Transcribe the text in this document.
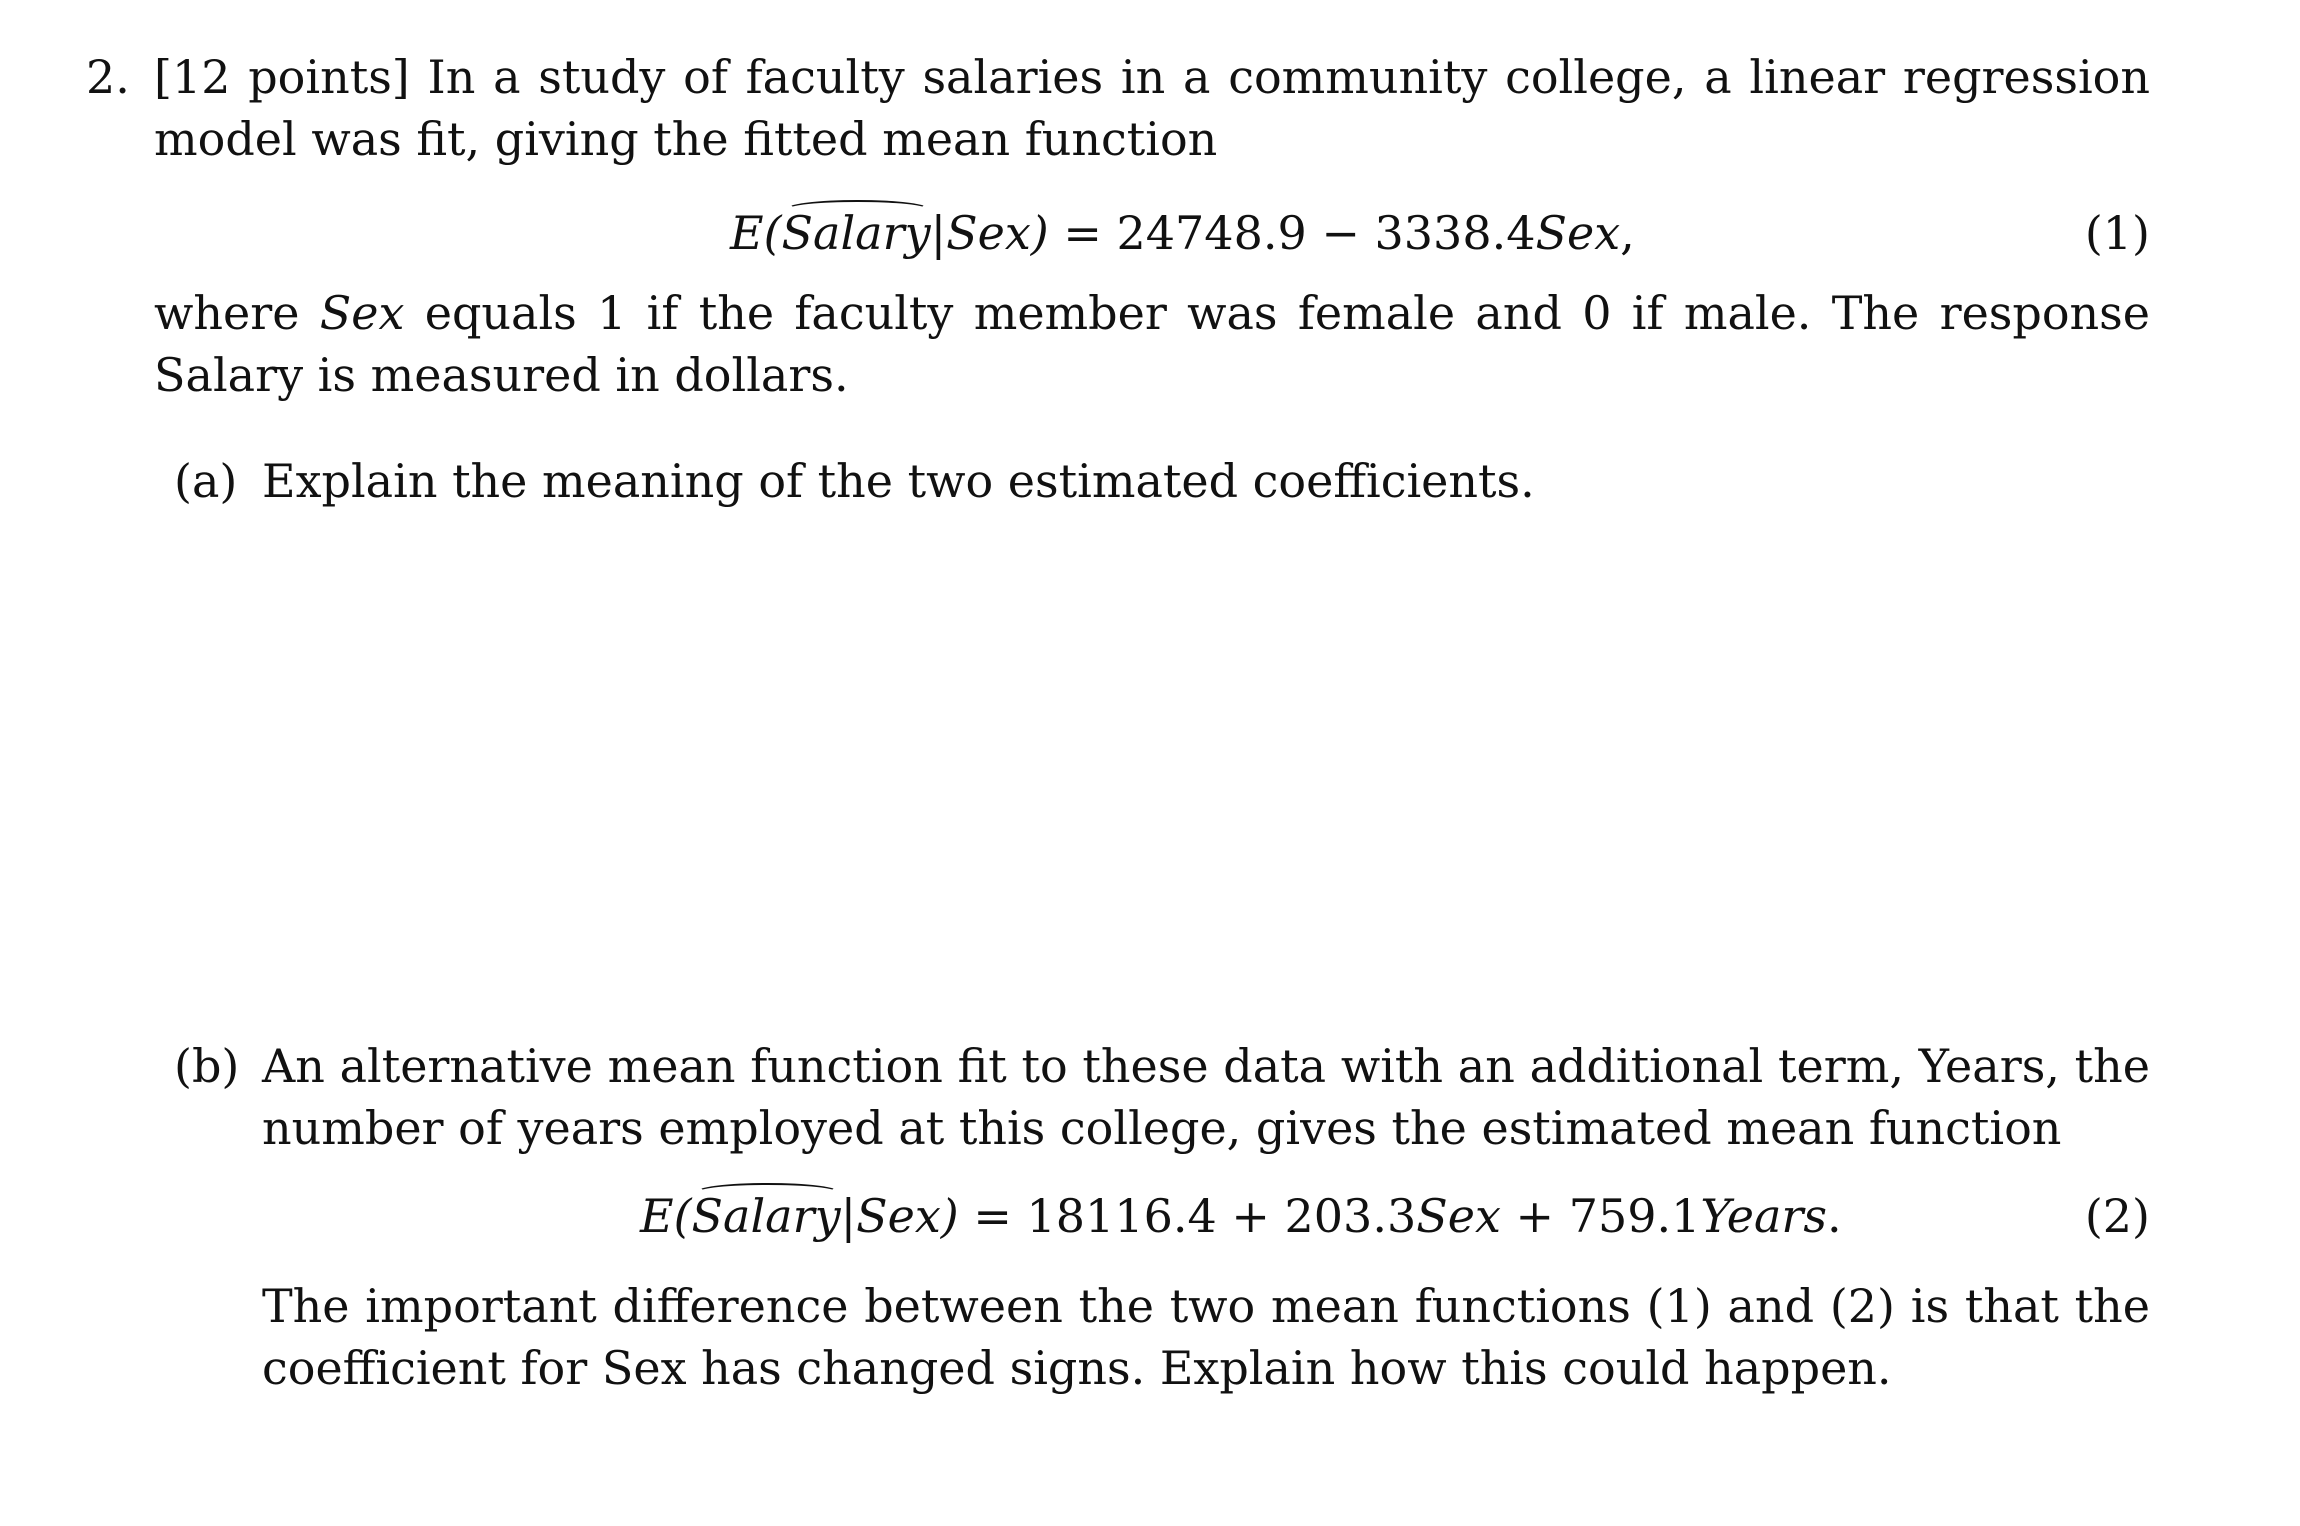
2. [12 points] In a study of faculty salaries in a community college, a linear regression model was fit, giving the fitted mean function
E(Salary|Sex) = 24748.9 − 3338.4Sex,	(1)
where Sex equals 1 if the faculty member was female and 0 if male. The response Salary is measured in dollars.
(a) Explain the meaning of the two estimated coefficients.
(b) An alternative mean function fit to these data with an additional term, Years, the number of years employed at this college, gives the estimated mean function
E(Salary|Sex) = 18116.4 + 203.3Sex + 759.1Years.	(2)
The important difference between the two mean functions (1) and (2) is that the coefficient for Sex has changed signs. Explain how this could happen.
